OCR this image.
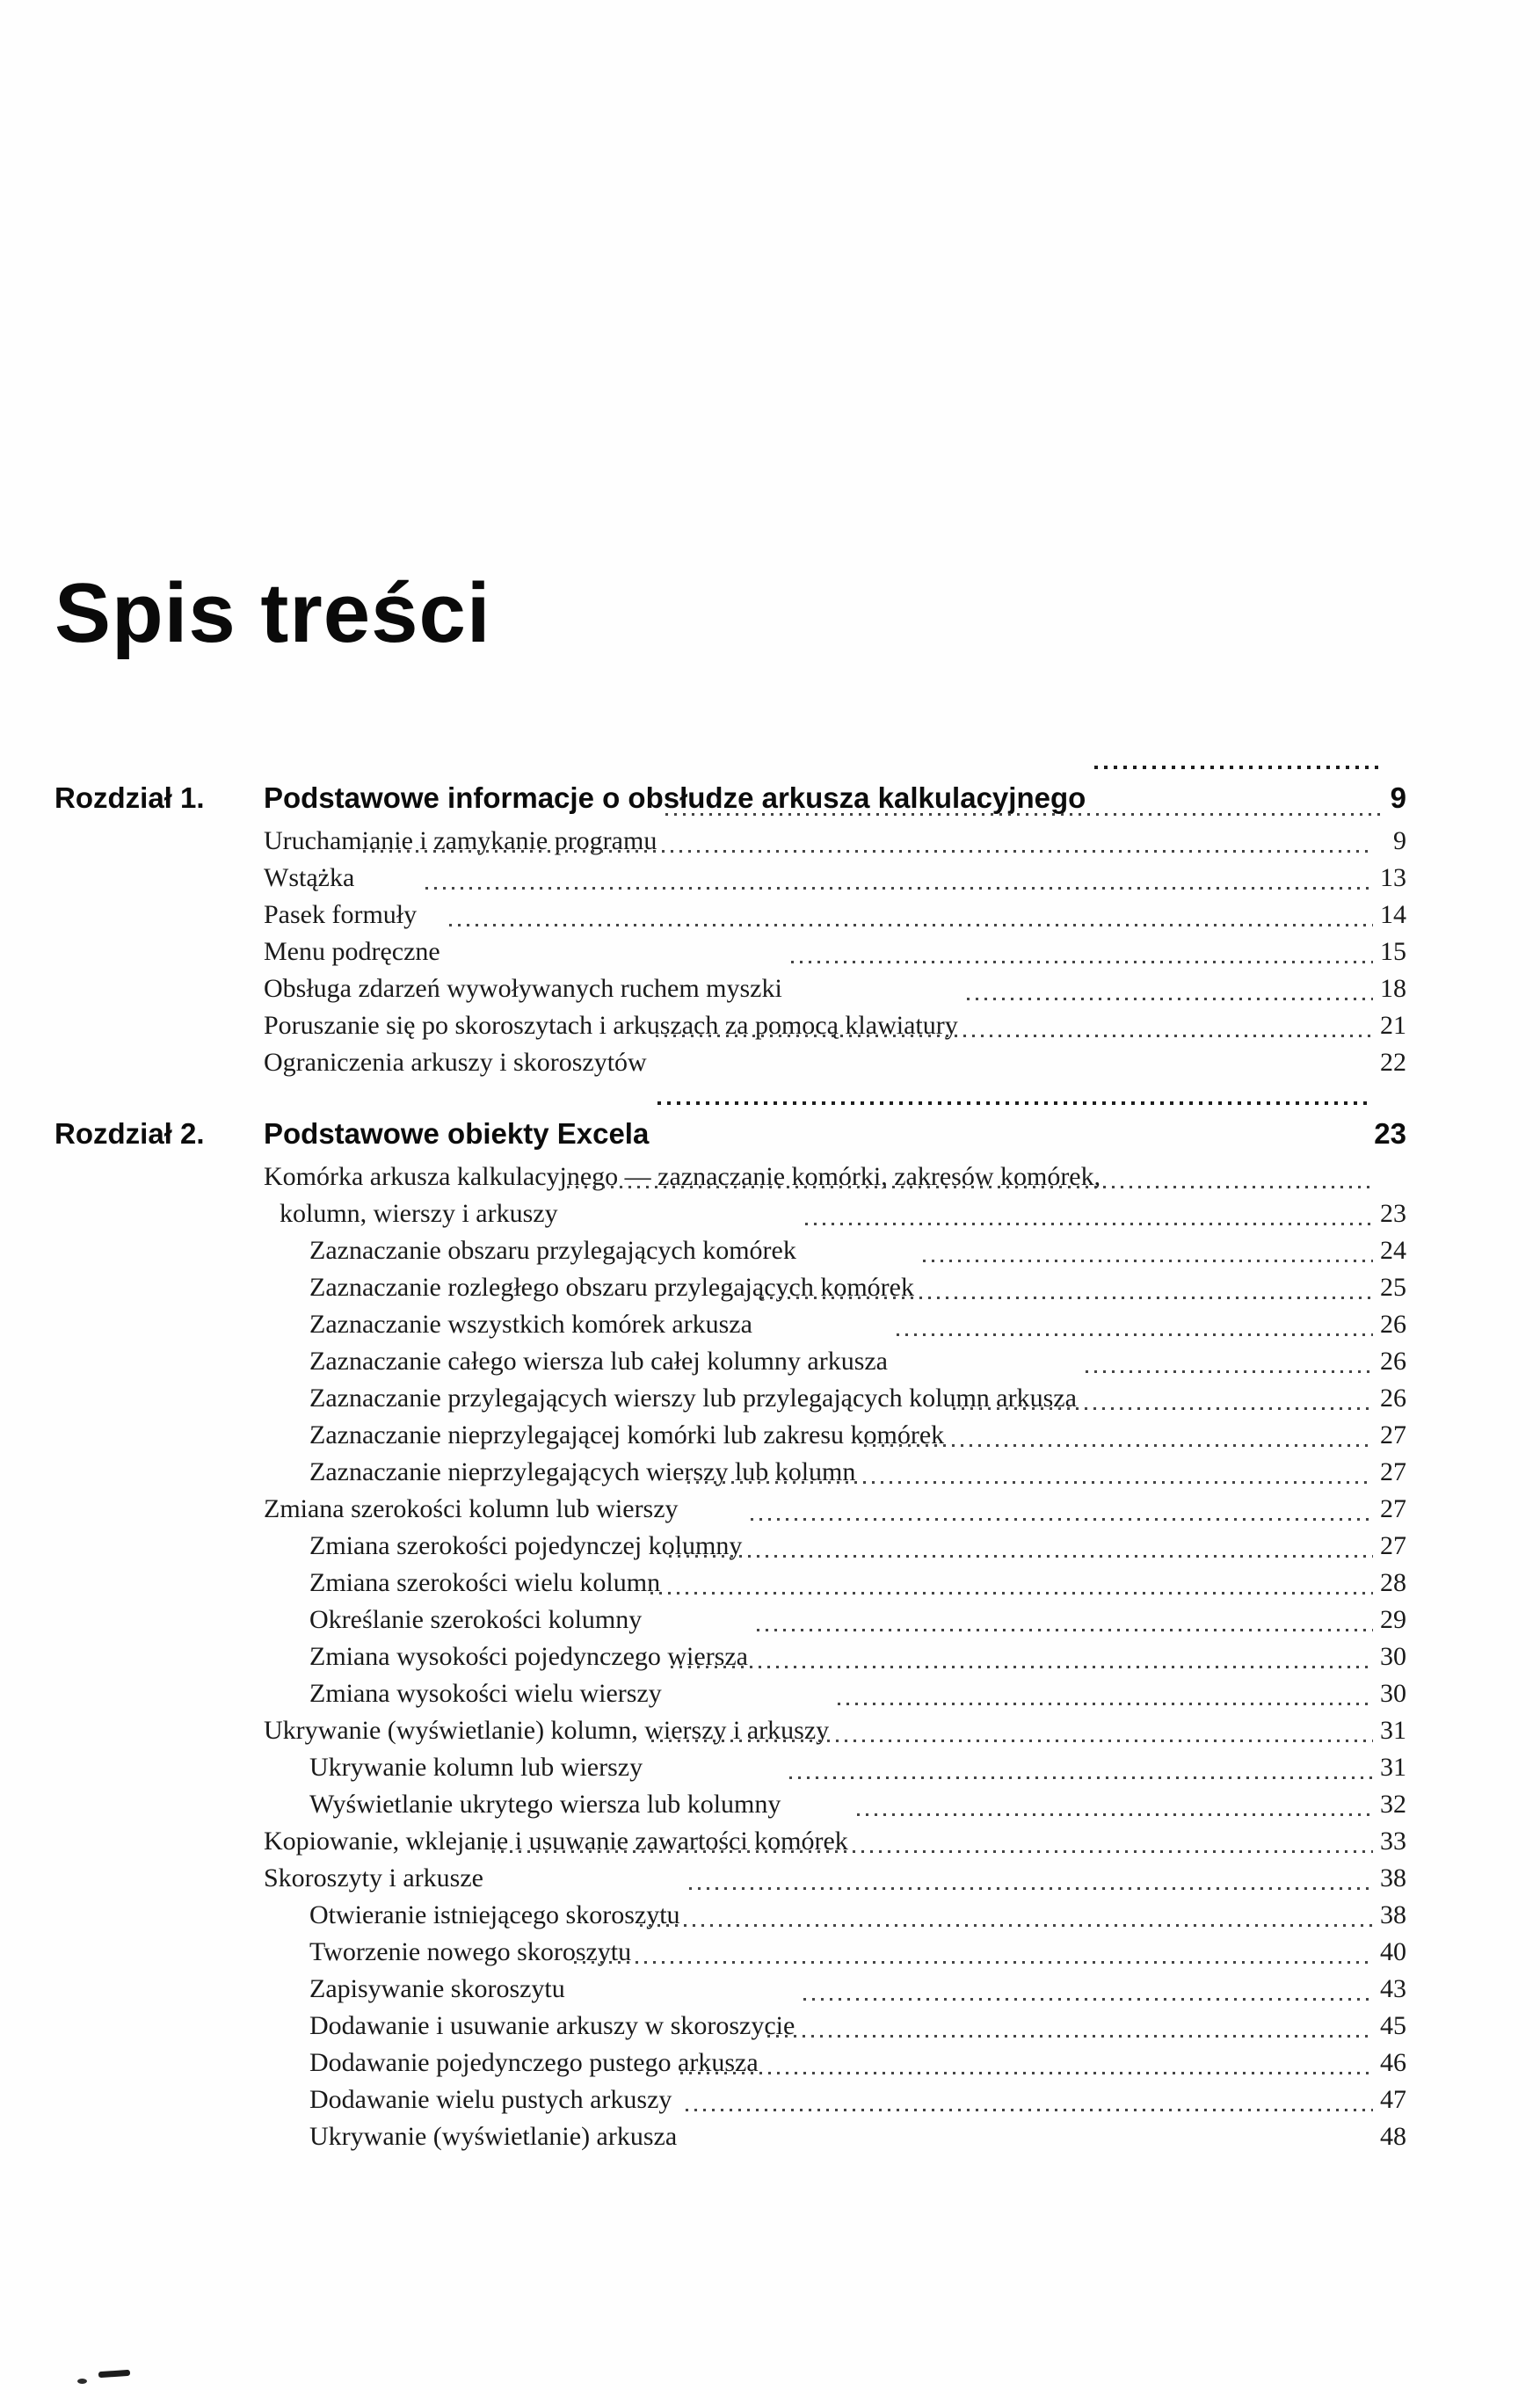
Spis treści
Rozdział 1.	Podstawowe informacje o obsłudze arkusza kalkulacyjnego	9
Uruchamianie i zamykanie programu	9
Wstążka	13
Pasek formuły	14
Menu podręczne	15
Obsługa zdarzeń wywoływanych ruchem myszki	18
Poruszanie się po skoroszytach i arkuszach za pomocą klawiatury	21
Ograniczenia arkuszy i skoroszytów	22
Rozdział 2.	Podstawowe obiekty Excela	23
Komórka arkusza kalkulacyjnego — zaznaczanie komórki, zakresów komórek,
kolumn, wierszy i arkuszy	23
Zaznaczanie obszaru przylegających komórek	24
Zaznaczanie rozległego obszaru przylegających komórek	25
Zaznaczanie wszystkich komórek arkusza	26
Zaznaczanie całego wiersza lub całej kolumny arkusza	26
Zaznaczanie przylegających wierszy lub przylegających kolumn arkusza	26
Zaznaczanie nieprzylegającej komórki lub zakresu komórek	27
Zaznaczanie nieprzylegających wierszy lub kolumn	27
Zmiana szerokości kolumn lub wierszy	27
Zmiana szerokości pojedynczej kolumny	27
Zmiana szerokości wielu kolumn	28
Określanie szerokości kolumny	29
Zmiana wysokości pojedynczego wiersza	30
Zmiana wysokości wielu wierszy	30
Ukrywanie (wyświetlanie) kolumn, wierszy i arkuszy	31
Ukrywanie kolumn lub wierszy	31
Wyświetlanie ukrytego wiersza lub kolumny	32
Kopiowanie, wklejanie i usuwanie zawartości komórek	33
Skoroszyty i arkusze	38
Otwieranie istniejącego skoroszytu	38
Tworzenie nowego skoroszytu	40
Zapisywanie skoroszytu	43
Dodawanie i usuwanie arkuszy w skoroszycie	45
Dodawanie pojedynczego pustego arkusza	46
Dodawanie wielu pustych arkuszy	47
Ukrywanie (wyświetlanie) arkusza	48
